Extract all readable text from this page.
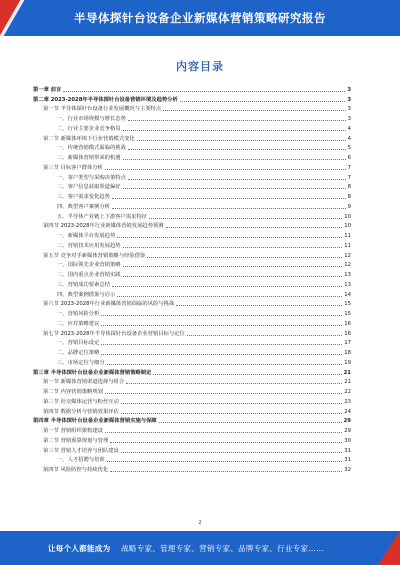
半导体探针台设备企业新媒体营销策略研究报告
内容目录
第一章 前言	3
第二章 2023-2028年半导体探针台设备营销环境及趋势分析	3
第一节 半导体探针台设备行业发展概况与主要特点	3
一、行业市场规模与增长态势	3
二、行业主要企业竞争格局	4
第二节 新媒体环境下行业营销模式变化	4
一、传统营销模式面临的挑战	5
二、新媒体营销带来的机遇	6
第三节 目标客户群体分析	7
一、客户类型与采购决策特点	7
二、客户信息获取渠道偏好	8
三、客户需求变化趋势	8
四、典型客户案例分析	9
五、半导体产业链上下游客户需求特征	10
第四节 2023-2028年行业新媒体营销发展趋势预测	10
一、新媒体平台发展趋势	11
二、营销技术应用发展趋势	11
第五节 竞争对手新媒体营销策略与经验借鉴	12
一、国际领先企业营销策略	12
二、国内重点企业营销实践	13
三、营销成功要素总结	13
四、典型案例借鉴与启示	14
第六节 2023-2028年行业新媒体营销面临的风险与挑战	15
一、营销风险分析	15
二、应对策略建议	16
第七节 2023-2028年半导体探针台设备企业营销目标与定位	16
一、营销目标设定	17
二、品牌定位策略	18
三、市场定位与细分	19
第三章 半导体探针台设备企业新媒体营销策略制定	21
第一节 新媒体营销渠道选择与组合	21
第二节 内容营销策略规划	22
第三节 社交媒体运营与粉丝互动	23
第四节 数据分析与营销效果评估	24
第四章 半导体探针台设备企业新媒体营销实施与保障	29
第一节 营销组织架构建设	29
第二节 营销预算规划与管理	30
第三节 营销人才培养与团队建设	31
一、人才招聘与培训	31
第四节 风险防控与持续优化	32
2
让每个人都能成为 战略专家、管理专家、营销专家、品牌专家、行业专家……
